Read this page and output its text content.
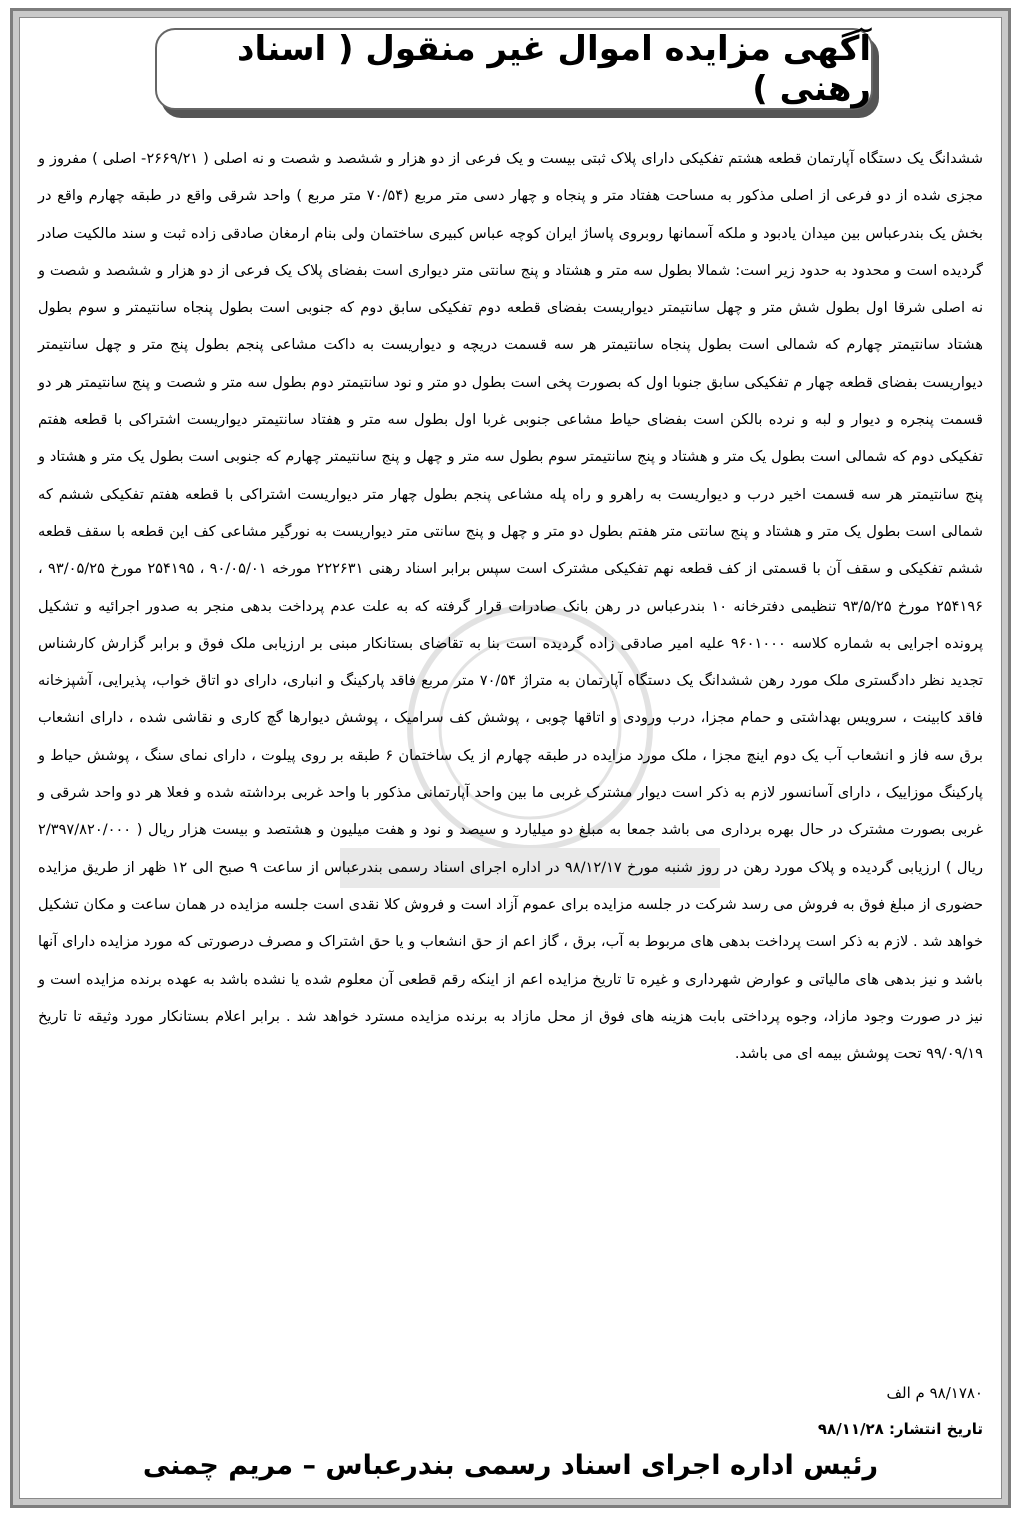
آگهی مزایده اموال غیر منقول ( اسناد رهنی )

ششدانگ یک دستگاه آپارتمان قطعه هشتم تفکیکی دارای پلاک ثبتی بیست و یک فرعی از دو هزار و ششصد و شصت و نه اصلی ( ۲۶۶۹/۲۱- اصلی ) مفروز و مجزی شده از دو فرعی از اصلی مذکور به مساحت هفتاد متر و پنجاه و چهار دسی متر مربع (۷۰/۵۴ متر مربع ) واحد شرقی واقع در طبقه چهارم واقع در بخش یک بندرعباس بین میدان یادبود و ملکه آسمانها روبروی پاساژ ایران کوچه عباس کبیری ساختمان ولی بنام ارمغان صادقی زاده ثبت و سند مالکیت صادر گردیده است و محدود به حدود زیر است: شمالا بطول سه متر و هشتاد و پنج سانتی متر دیواری است بفضای پلاک یک فرعی از دو هزار و ششصد و شصت و نه اصلی شرقا اول بطول شش متر و چهل سانتیمتر دیواریست بفضای قطعه دوم تفکیکی سابق دوم که جنوبی است بطول پنجاه سانتیمتر و سوم بطول هشتاد سانتیمتر چهارم که شمالی است بطول پنجاه سانتیمتر هر سه قسمت دریچه و دیواریست به داکت مشاعی پنجم بطول پنج متر و چهل سانتیمتر دیواریست بفضای قطعه چهار م تفکیکی سابق جنوبا اول که بصورت پخی است بطول دو متر و نود سانتیمتر دوم بطول سه متر و شصت و پنج سانتیمتر هر دو قسمت پنجره و دیوار و لبه و نرده بالکن است بفضای حیاط مشاعی جنوبی غربا اول بطول سه متر و هفتاد سانتیمتر دیواریست اشتراکی با قطعه هفتم تفکیکی دوم که شمالی است بطول یک متر و هشتاد و پنج سانتیمتر سوم بطول سه متر و چهل و پنج سانتیمتر چهارم که جنوبی است بطول یک متر و هشتاد و پنج سانتیمتر هر سه قسمت اخیر درب و دیواریست به راهرو و راه پله مشاعی پنجم بطول چهار متر دیواریست اشتراکی با قطعه هفتم تفکیکی ششم که شمالی است بطول یک متر و هشتاد و پنج سانتی متر هفتم بطول دو متر و چهل و پنج سانتی متر دیواریست به نورگیر مشاعی کف این قطعه با سقف قطعه ششم تفکیکی و سقف آن با قسمتی از کف قطعه نهم تفکیکی مشترک است سپس برابر اسناد رهنی ۲۲۲۶۳۱ مورخه ۹۰/۰۵/۰۱ ، ۲۵۴۱۹۵ مورخ ۹۳/۰۵/۲۵ ، ۲۵۴۱۹۶ مورخ ۹۳/۵/۲۵ تنظیمی دفترخانه ۱۰ بندرعباس در رهن بانک صادرات قرار گرفته که به علت عدم پرداخت بدهی منجر به صدور اجرائیه و تشکیل پرونده اجرایی به شماره کلاسه ۹۶۰۱۰۰۰ علیه امیر صادقی زاده گردیده است بنا به تقاضای بستانکار مبنی بر ارزیابی ملک فوق و برابر گزارش کارشناس تجدید نظر دادگستری ملک مورد رهن ششدانگ یک دستگاه آپارتمان به متراژ ۷۰/۵۴ متر مربع فاقد پارکینگ و انباری، دارای دو اتاق خواب، پذیرایی، آشپزخانه فاقد کابینت ، سرویس بهداشتی و حمام مجزا، درب ورودی و اتاقها چوبی ، پوشش کف سرامیک ، پوشش دیوارها گچ کاری و نقاشی شده ، دارای انشعاب برق سه فاز و انشعاب آب یک دوم اینچ مجزا ، ملک مورد مزایده در طبقه چهارم از یک ساختمان ۶ طبقه بر روی پیلوت ، دارای نمای سنگ ، پوشش حیاط و پارکینگ موزاییک ، دارای آسانسور لازم به ذکر است دیوار مشترک غربی ما بین واحد آپارتمانی مذکور با واحد غربی برداشته شده و فعلا هر دو واحد شرقی و غربی بصورت مشترک در حال بهره برداری می باشد جمعا به مبلغ دو میلیارد و سیصد و نود و هفت میلیون و هشتصد و بیست هزار ریال ( ۲/۳۹۷/۸۲۰/۰۰۰ ریال ) ارزیابی گردیده و پلاک مورد رهن در روز شنبه مورخ ۹۸/۱۲/۱۷ در اداره اجرای اسناد رسمی بندرعباس از ساعت ۹ صبح الی ۱۲ ظهر از طریق مزایده حضوری از مبلغ فوق به فروش می رسد شرکت در جلسه مزایده برای عموم آزاد است و فروش کلا نقدی است جلسه مزایده در همان ساعت و مکان تشکیل خواهد شد . لازم به ذکر است پرداخت بدهی های مربوط به آب، برق ، گاز اعم از حق انشعاب و یا حق اشتراک و مصرف درصورتی که مورد مزایده دارای آنها باشد و نیز بدهی های مالیاتی و عوارض شهرداری و غیره تا تاریخ مزایده اعم از اینکه رقم قطعی آن معلوم شده یا نشده باشد به عهده برنده مزایده است و نیز در صورت وجود مازاد، وجوه پرداختی بابت هزینه های فوق از محل مازاد به برنده مزایده مسترد خواهد شد . برابر اعلام بستانکار مورد وثیقه تا تاریخ ۹۹/۰۹/۱۹ تحت پوشش بیمه ای می باشد.

۹۸/۱۷۸۰ م الف
تاریخ انتشار: ۹۸/۱۱/۲۸
رئیس اداره اجرای اسناد رسمی بندرعباس – مریم چمنی
